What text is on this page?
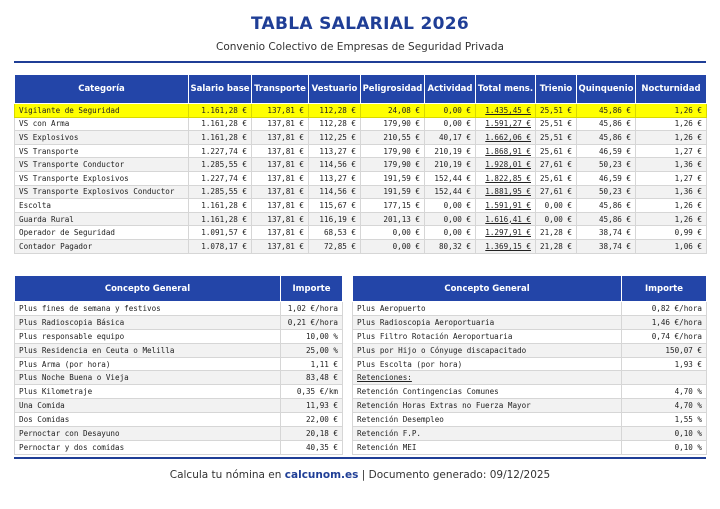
TABLA SALARIAL 2026
Convenio Colectivo de Empresas de Seguridad Privada
Categoría	Salario base	Transporte	Vestuario	Peligrosidad	Actividad	Total mens.	Trienio	Quinquenio	Nocturnidad
Vigilante de Seguridad	1.161,28 €	137,81 €	112,28 €	24,08 €	0,00 €	1.435,45 €	25,51 €	45,86 €	1,26 €
VS con Arma	1.161,28 €	137,81 €	112,28 €	179,90 €	0,00 €	1.591,27 €	25,51 €	45,86 €	1,26 €
VS Explosivos	1.161,28 €	137,81 €	112,25 €	210,55 €	40,17 €	1.662,06 €	25,51 €	45,86 €	1,26 €
VS Transporte	1.227,74 €	137,81 €	113,27 €	179,90 €	210,19 €	1.868,91 €	25,61 €	46,59 €	1,27 €
VS Transporte Conductor	1.285,55 €	137,81 €	114,56 €	179,90 €	210,19 €	1.928,01 €	27,61 €	50,23 €	1,36 €
VS Transporte Explosivos	1.227,74 €	137,81 €	113,27 €	191,59 €	152,44 €	1.822,85 €	25,61 €	46,59 €	1,27 €
VS Transporte Explosivos Conductor	1.285,55 €	137,81 €	114,56 €	191,59 €	152,44 €	1.881,95 €	27,61 €	50,23 €	1,36 €
Escolta	1.161,28 €	137,81 €	115,67 €	177,15 €	0,00 €	1.591,91 €	0,00 €	45,86 €	1,26 €
Guarda Rural	1.161,28 €	137,81 €	116,19 €	201,13 €	0,00 €	1.616,41 €	0,00 €	45,86 €	1,26 €
Operador de Seguridad	1.091,57 €	137,81 €	68,53 €	0,00 €	0,00 €	1.297,91 €	21,28 €	38,74 €	0,99 €
Contador Pagador	1.078,17 €	137,81 €	72,85 €	0,00 €	80,32 €	1.369,15 €	21,28 €	38,74 €	1,06 €
Concepto General	Importe		Concepto General	Importe
Plus fines de semana y festivos	1,02 €/hora		Plus Aeropuerto	0,82 €/hora
Plus Radioscopia Básica	0,21 €/hora		Plus Radioscopia Aeroportuaria	1,46 €/hora
Plus responsable equipo	10,00 %		Plus Filtro Rotación Aeroportuaria	0,74 €/hora
Plus Residencia en Ceuta o Melilla	25,00 %		Plus por Hijo o Cónyuge discapacitado	150,07 €
Plus Arma (por hora)	1,11 €		Plus Escolta (por hora)	1,93 €
Plus Noche Buena o Vieja	83,48 €		Retenciones:	
Plus Kilometraje	0,35 €/km		Retención Contingencias Comunes	4,70 %
Una Comida	11,93 €		Retención Horas Extras no Fuerza Mayor	4,70 %
Dos Comidas	22,00 €		Retención Desempleo	1,55 %
Pernoctar con Desayuno	20,18 €		Retención F.P.	0,10 %
Pernoctar y dos comidas	40,35 €		Retención MEI	0,10 %
Calcula tu nómina en calcunom.es | Documento generado: 09/12/2025
